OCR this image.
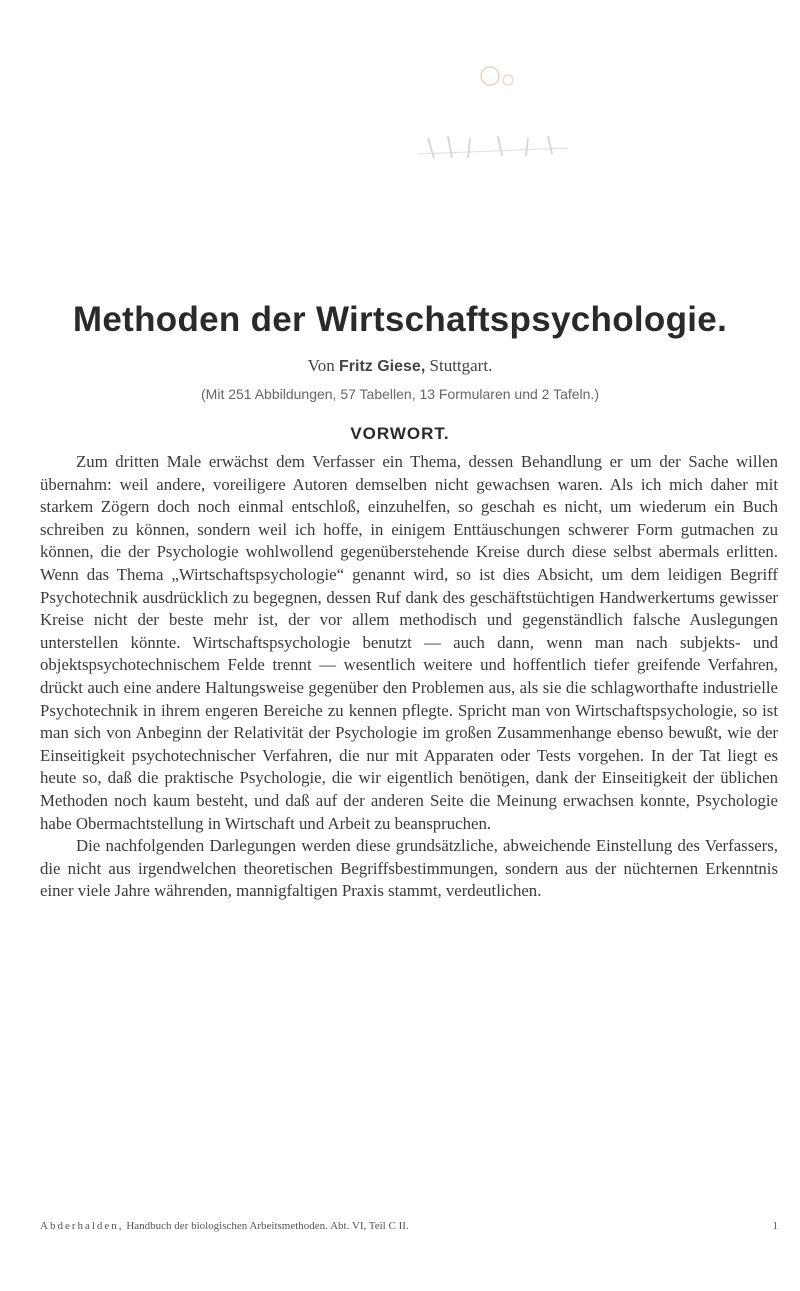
Methoden der Wirtschaftspsychologie.
Von Fritz Giese, Stuttgart.
(Mit 251 Abbildungen, 57 Tabellen, 13 Formularen und 2 Tafeln.)
VORWORT.

Zum dritten Male erwächst dem Verfasser ein Thema, dessen Behandlung er um der Sache willen übernahm: weil andere, voreiligere Autoren demselben nicht gewachsen waren. Als ich mich daher mit starkem Zögern doch noch einmal entschloß, einzuhelfen, so geschah es nicht, um wiederum ein Buch schreiben zu können, sondern weil ich hoffe, in einigem Enttäuschungen schwerer Form gutmachen zu können, die der Psychologie wohlwollend gegenüberstehende Kreise durch diese selbst abermals erlitten. Wenn das Thema „Wirtschaftspsychologie“ genannt wird, so ist dies Absicht, um dem leidigen Begriff Psychotechnik ausdrücklich zu begegnen, dessen Ruf dank des geschäftstüchtigen Handwerkertums gewisser Kreise nicht der beste mehr ist, der vor allem methodisch und gegenständlich falsche Auslegungen unterstellen könnte. Wirtschaftspsychologie benutzt — auch dann, wenn man nach subjekts- und objektspsychotechnischem Felde trennt — wesentlich weitere und hoffentlich tiefer greifende Verfahren, drückt auch eine andere Haltungsweise gegenüber den Problemen aus, als sie die schlagworthafte industrielle Psychotechnik in ihrem engeren Bereiche zu kennen pflegte. Spricht man von Wirtschaftspsychologie, so ist man sich von Anbeginn der Relativität der Psychologie im großen Zusammenhange ebenso bewußt, wie der Einseitigkeit psychotechnischer Verfahren, die nur mit Apparaten oder Tests vorgehen. In der Tat liegt es heute so, daß die praktische Psychologie, die wir eigentlich benötigen, dank der Einseitigkeit der üblichen Methoden noch kaum besteht, und daß auf der anderen Seite die Meinung erwachsen konnte, Psychologie habe Obermachtstellung in Wirtschaft und Arbeit zu beanspruchen.

Die nachfolgenden Darlegungen werden diese grundsätzliche, abweichende Einstellung des Verfassers, die nicht aus irgendwelchen theoretischen Begriffsbestimmungen, sondern aus der nüchternen Erkenntnis einer viele Jahre währenden, mannigfaltigen Praxis stammt, verdeutlichen.

Abderhalden, Handbuch der biologischen Arbeitsmethoden. Abt. VI, Teil C II.	1
